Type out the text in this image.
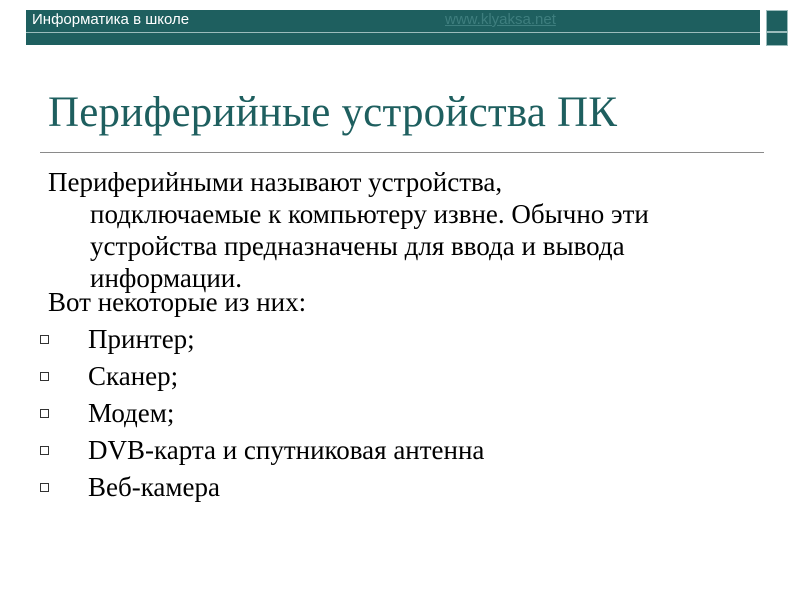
Информатика в школе	www.klyaksa.net
Периферийные устройства ПК
Периферийными называют устройства,
подключаемые к компьютеру извне. Обычно эти устройства предназначены для ввода и вывода информации.
Вот некоторые из них:
Принтер;
Сканер;
Модем;
DVB-карта и спутниковая антенна
Веб-камера
